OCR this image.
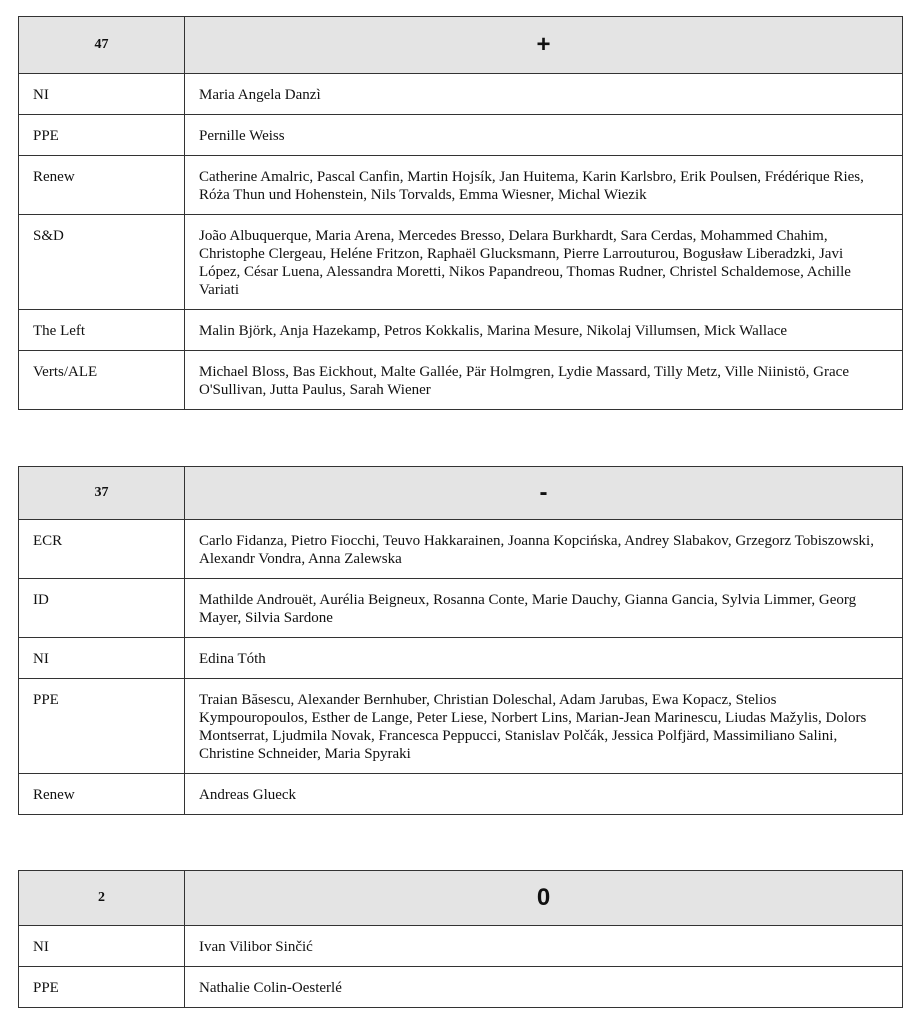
47	+

NI	Maria Angela Danzì

PPE	Pernille Weiss

Renew	Catherine Amalric, Pascal Canfin, Martin Hojsík, Jan Huitema, Karin Karlsbro, Erik Poulsen, Frédérique Ries, Róża Thun und Hohenstein, Nils Torvalds, Emma Wiesner, Michal Wiezik

S&D	João Albuquerque, Maria Arena, Mercedes Bresso, Delara Burkhardt, Sara Cerdas, Mohammed Chahim, Christophe Clergeau, Heléne Fritzon, Raphaël Glucksmann, Pierre Larrouturou, Bogusław Liberadzki, Javi López, César Luena, Alessandra Moretti, Nikos Papandreou, Thomas Rudner, Christel Schaldemose, Achille Variati

The Left	Malin Björk, Anja Hazekamp, Petros Kokkalis, Marina Mesure, Nikolaj Villumsen, Mick Wallace

Verts/ALE	Michael Bloss, Bas Eickhout, Malte Gallée, Pär Holmgren, Lydie Massard, Tilly Metz, Ville Niinistö, Grace O'Sullivan, Jutta Paulus, Sarah Wiener
37	-

ECR	Carlo Fidanza, Pietro Fiocchi, Teuvo Hakkarainen, Joanna Kopcińska, Andrey Slabakov, Grzegorz Tobiszowski, Alexandr Vondra, Anna Zalewska

ID	Mathilde Androuët, Aurélia Beigneux, Rosanna Conte, Marie Dauchy, Gianna Gancia, Sylvia Limmer, Georg Mayer, Silvia Sardone

NI	Edina Tóth

PPE	Traian Băsescu, Alexander Bernhuber, Christian Doleschal, Adam Jarubas, Ewa Kopacz, Stelios Kympouropoulos, Esther de Lange, Peter Liese, Norbert Lins, Marian-Jean Marinescu, Liudas Mažylis, Dolors Montserrat, Ljudmila Novak, Francesca Peppucci, Stanislav Polčák, Jessica Polfjärd, Massimiliano Salini, Christine Schneider, Maria Spyraki

Renew	Andreas Glueck
2	0

NI	Ivan Vilibor Sinčić

PPE	Nathalie Colin-Oesterlé
